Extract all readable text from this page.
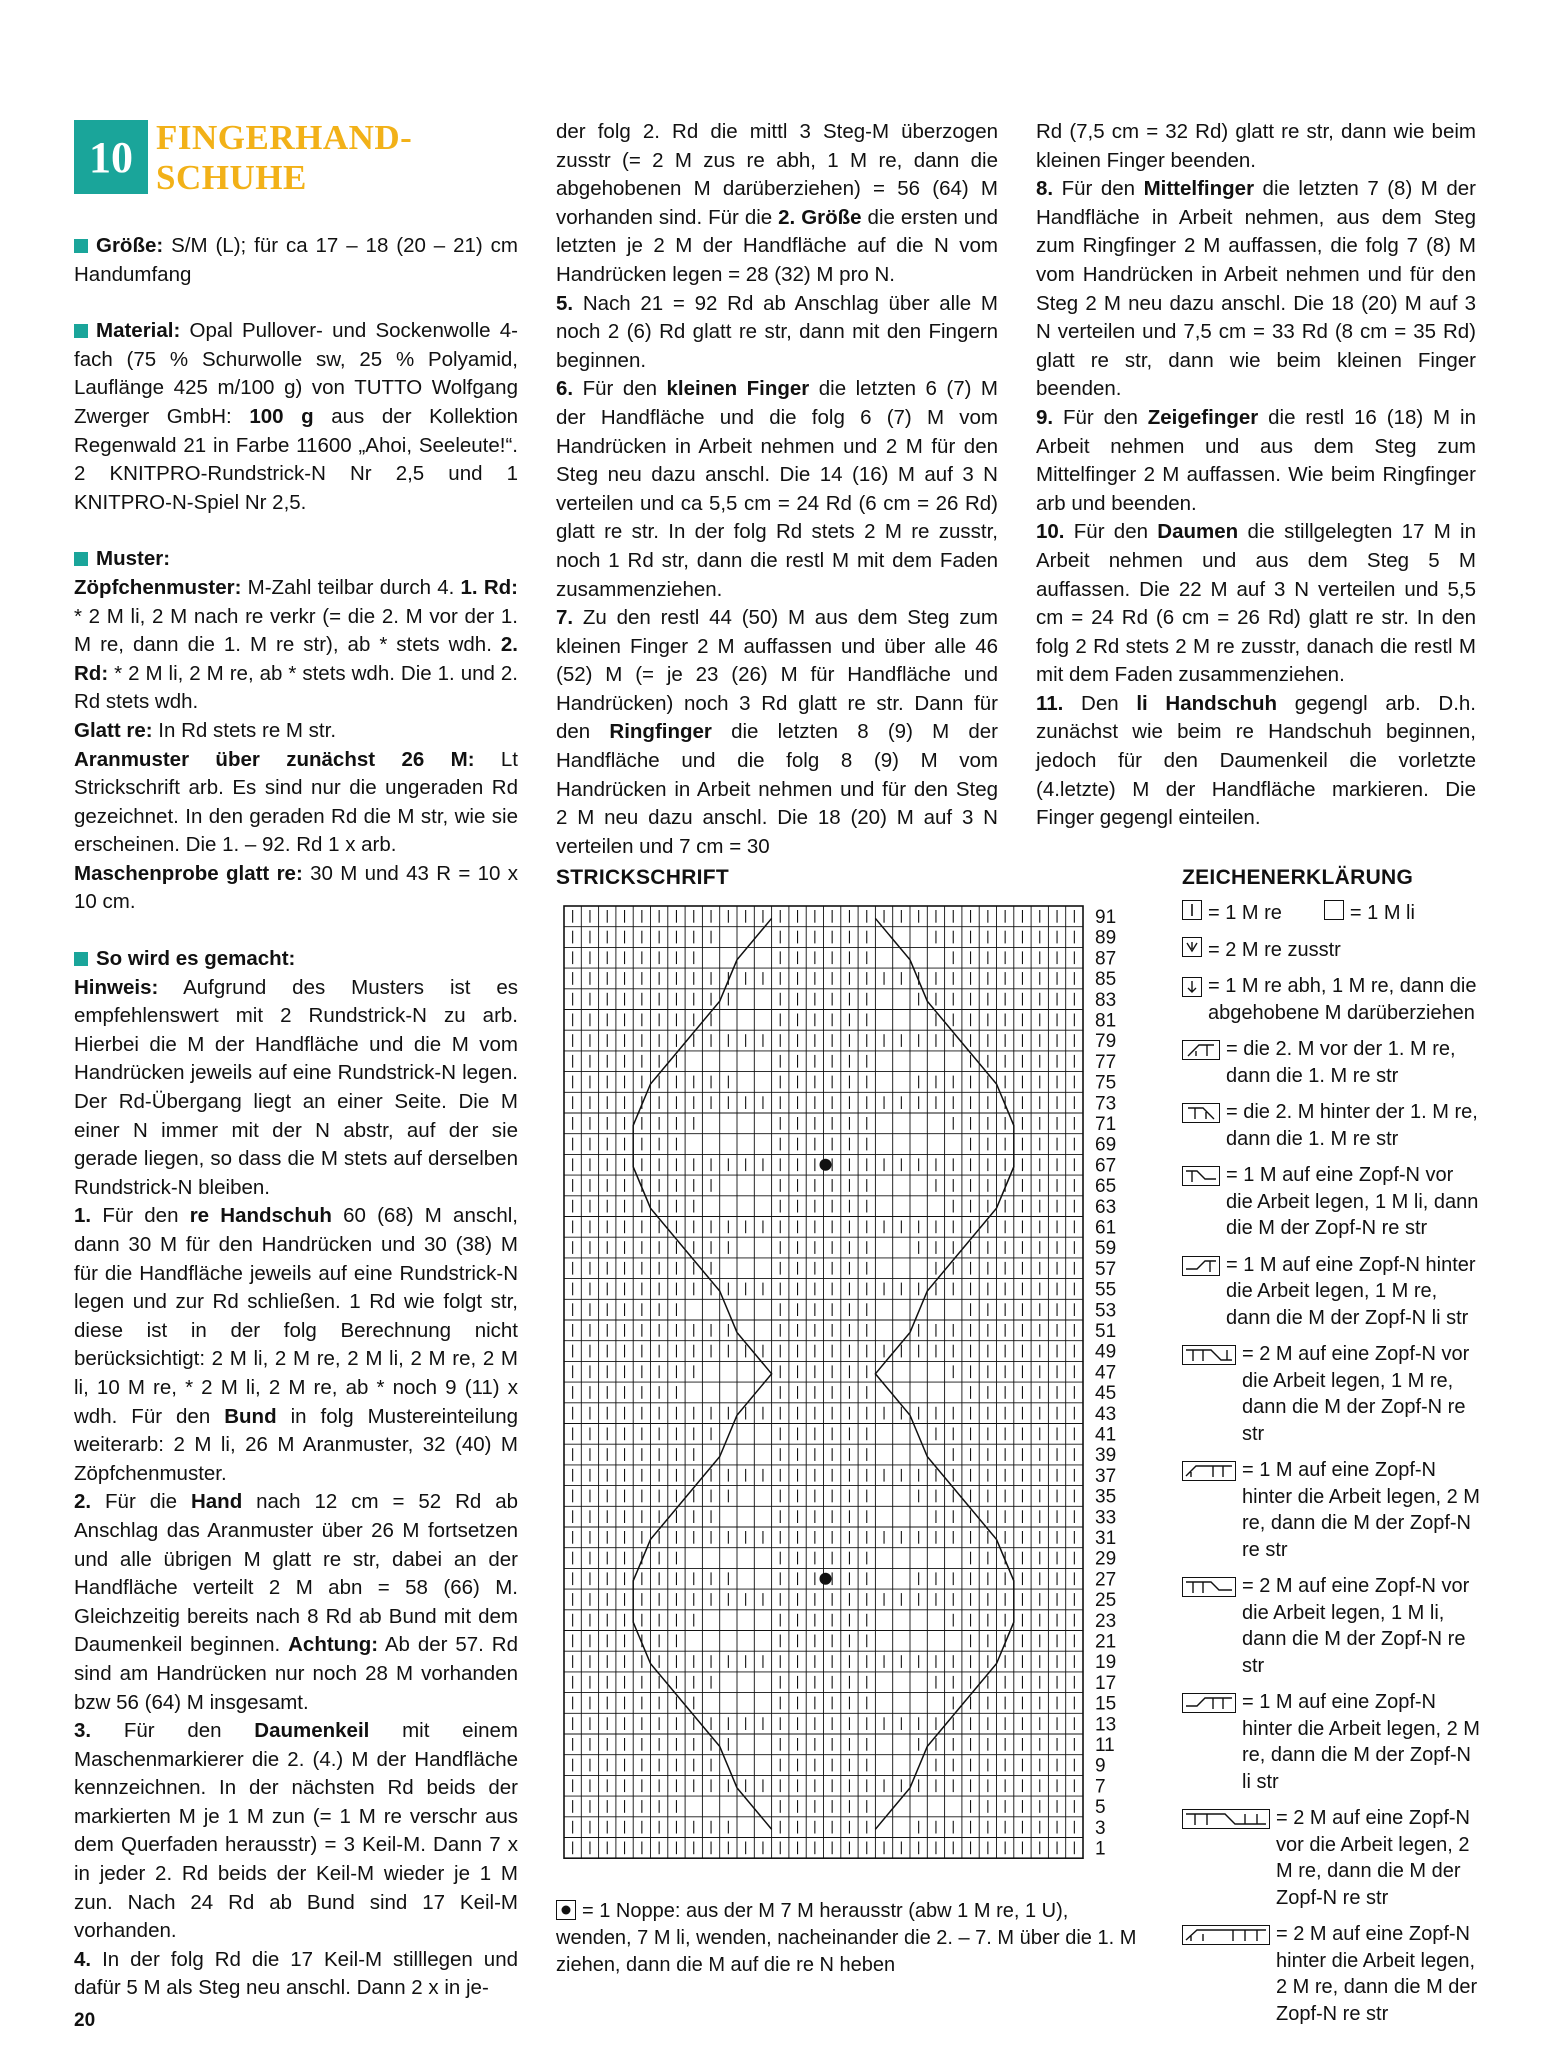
10 FINGERHAND-
SCHUHE

Größe: S/M (L); für ca 17 – 18 (20 – 21) cm Handumfang

Material: Opal Pullover- und Sockenwolle 4-fach (75 % Schurwolle sw, 25 % Polyamid, Lauflänge 425 m/100 g) von TUTTO Wolfgang Zwerger GmbH: 100 g aus der Kollektion Regenwald 21 in Farbe 11600 „Ahoi, Seeleute!“. 2 KNITPRO-Rundstrick-N Nr 2,5 und 1 KNITPRO-N-Spiel Nr 2,5.

Muster:

Zöpfchenmuster: M-Zahl teilbar durch 4. 1. Rd: * 2 M li, 2 M nach re verkr (= die 2. M vor der 1. M re, dann die 1. M re str), ab * stets wdh. 2. Rd: * 2 M li, 2 M re, ab * stets wdh. Die 1. und 2. Rd stets wdh.

Glatt re: In Rd stets re M str.

Aranmuster über zunächst 26 M: Lt Strickschrift arb. Es sind nur die ungeraden Rd gezeichnet. In den geraden Rd die M str, wie sie erscheinen. Die 1. – 92. Rd 1 x arb.

Maschenprobe glatt re: 30 M und 43 R = 10 x 10 cm.

So wird es gemacht:

Hinweis: Aufgrund des Musters ist es empfehlenswert mit 2 Rundstrick-N zu arb. Hierbei die M der Handfläche und die M vom Handrücken jeweils auf eine Rundstrick-N legen. Der Rd-Übergang liegt an einer Seite. Die M einer N immer mit der N abstr, auf der sie gerade liegen, so dass die M stets auf derselben Rundstrick-N bleiben.

1. Für den re Handschuh 60 (68) M anschl, dann 30 M für den Handrücken und 30 (38) M für die Handfläche jeweils auf eine Rundstrick-N legen und zur Rd schließen. 1 Rd wie folgt str, diese ist in der folg Berechnung nicht berücksichtigt: 2 M li, 2 M re, 2 M li, 2 M re, 2 M li, 10 M re, * 2 M li, 2 M re, ab * noch 9 (11) x wdh. Für den Bund in folg Mustereinteilung weiterarb: 2 M li, 26 M Aranmuster, 32 (40) M Zöpfchenmuster.

2. Für die Hand nach 12 cm = 52 Rd ab Anschlag das Aranmuster über 26 M fortsetzen und alle übrigen M glatt re str, dabei an der Handfläche verteilt 2 M abn = 58 (66) M. Gleichzeitig bereits nach 8 Rd ab Bund mit dem Daumenkeil beginnen. Achtung: Ab der 57. Rd sind am Handrücken nur noch 28 M vorhanden bzw 56 (64) M insgesamt.

3. Für den Daumenkeil mit einem Maschenmarkierer die 2. (4.) M der Handfläche kennzeichnen. In der nächsten Rd beids der markierten M je 1 M zun (= 1 M re verschr aus dem Querfaden herausstr) = 3 Keil-M. Dann 7 x in jeder 2. Rd beids der Keil-M wieder je 1 M zun. Nach 24 Rd ab Bund sind 17 Keil-M vorhanden.

4. In der folg Rd die 17 Keil-M stilllegen und dafür 5 M als Steg neu anschl. Dann 2 x in je-

der folg 2. Rd die mittl 3 Steg-M überzogen zusstr (= 2 M zus re abh, 1 M re, dann die abgehobenen M darüberziehen) = 56 (64) M vorhanden sind. Für die 2. Größe die ersten und letzten je 2 M der Handfläche auf die N vom Handrücken legen = 28 (32) M pro N.

5. Nach 21 = 92 Rd ab Anschlag über alle M noch 2 (6) Rd glatt re str, dann mit den Fingern beginnen.

6. Für den kleinen Finger die letzten 6 (7) M der Handfläche und die folg 6 (7) M vom Handrücken in Arbeit nehmen und 2 M für den Steg neu dazu anschl. Die 14 (16) M auf 3 N verteilen und ca 5,5 cm = 24 Rd (6 cm = 26 Rd) glatt re str. In der folg Rd stets 2 M re zusstr, noch 1 Rd str, dann die restl M mit dem Faden zusammenziehen.

7. Zu den restl 44 (50) M aus dem Steg zum kleinen Finger 2 M auffassen und über alle 46 (52) M (= je 23 (26) M für Handfläche und Handrücken) noch 3 Rd glatt re str. Dann für den Ringfinger die letzten 8 (9) M der Handfläche und die folg 8 (9) M vom Handrücken in Arbeit nehmen und für den Steg 2 M neu dazu anschl. Die 18 (20) M auf 3 N verteilen und 7 cm = 30

Rd (7,5 cm = 32 Rd) glatt re str, dann wie beim kleinen Finger beenden.

8. Für den Mittelfinger die letzten 7 (8) M der Handfläche in Arbeit nehmen, aus dem Steg zum Ringfinger 2 M auffassen, die folg 7 (8) M vom Handrücken in Arbeit nehmen und für den Steg 2 M neu dazu anschl. Die 18 (20) M auf 3 N verteilen und 7,5 cm = 33 Rd (8 cm = 35 Rd) glatt re str, dann wie beim kleinen Finger beenden.

9. Für den Zeigefinger die restl 16 (18) M in Arbeit nehmen und aus dem Steg zum Mittelfinger 2 M auffassen. Wie beim Ringfinger arb und beenden.

10. Für den Daumen die stillgelegten 17 M in Arbeit nehmen und aus dem Steg 5 M auffassen. Die 22 M auf 3 N verteilen und 5,5 cm = 24 Rd (6 cm = 26 Rd) glatt re str. In den folg 2 Rd stets 2 M re zusstr, danach die restl M mit dem Faden zusammenziehen.

11. Den li Handschuh gegengl arb. D.h. zunächst wie beim re Handschuh beginnen, jedoch für den Daumenkeil die vorletzte (4.letzte) M der Handfläche markieren. Die Finger gegengl einteilen.

STRICKSCHRIFT	ZEICHENERKLÄRUNG
91
89
87
85
83
81
79
77
75
73
71
69
67
65
63
61
59
57
55
53
51
49
47
45
43
41
39
37
35
33
31
29
27
25
23
21
19
17
15
13
11
9
7
5
3
1
= 1 M re	= 1 M li
= 2 M re zusstr
= 1 M re abh, 1 M re, dann die abgehobene M darüberziehen
= die 2. M vor der 1. M re, dann die 1. M re str
= die 2. M hinter der 1. M re, dann die 1. M re str
= 1 M auf eine Zopf-N vor die Arbeit legen, 1 M li, dann die M der Zopf-N re str
= 1 M auf eine Zopf-N hinter die Arbeit legen, 1 M re, dann die M der Zopf-N li str
= 2 M auf eine Zopf-N vor die Arbeit legen, 1 M re, dann die M der Zopf-N re str
= 1 M auf eine Zopf-N hinter die Arbeit legen, 2 M re, dann die M der Zopf-N re str
= 2 M auf eine Zopf-N vor die Arbeit legen, 1 M li, dann die M der Zopf-N re str
= 1 M auf eine Zopf-N hinter die Arbeit legen, 2 M re, dann die M der Zopf-N li str
= 2 M auf eine Zopf-N vor die Arbeit legen, 2 M re, dann die M der Zopf-N re str
= 2 M auf eine Zopf-N hinter die Arbeit legen, 2 M re, dann die M der Zopf-N re str
= 1 Noppe: aus der M 7 M herausstr (abw 1 M re, 1 U), wenden, 7 M li, wenden, nacheinander die 2. – 7. M über die 1. M ziehen, dann die M auf die re N heben
20
